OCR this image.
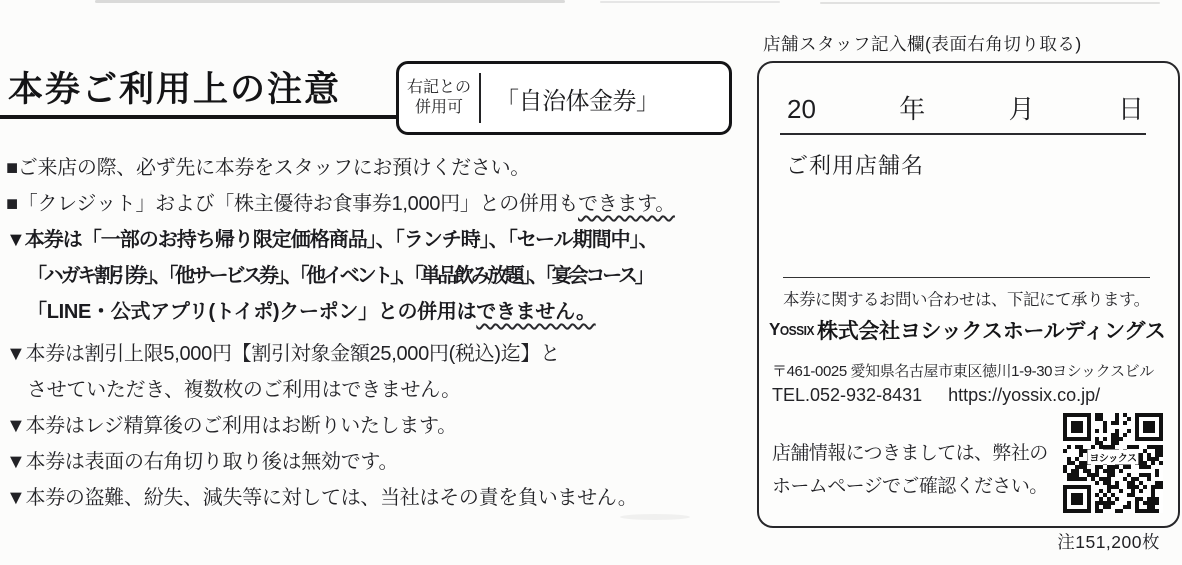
本券ご利用上の注意	右記との
併用可	「自治体金券」
■ご来店の際、必ず先に本券をスタッフにお預けください。
■「クレジット」および「株主優待お食事券1,000円」との併用もできます。
▼本券は「一部のお持ち帰り限定価格商品」、「ランチ時」、「セール期間中」、
「ハガキ割引券」、「他サービス券」、「他イベント」、「単品飲み放題」、「宴会コース」
「LINE・公式アプリ(トイポ)クーポン」との併用はできません。
▼本券は割引上限5,000円【割引対象金額25,000円(税込)迄】と
させていただき、複数枚のご利用はできません。
▼本券はレジ精算後のご利用はお断りいたします。
▼本券は表面の右角切り取り後は無効です。
▼本券の盗難、紛失、減失等に対しては、当社はその責を負いません。
店舗スタッフ記入欄(表面右角切り取る)
20	年	月	日
ご利用店舗名
本券に関するお問い合わせは、下記にて承ります。
Yossix 株式会社ヨシックスホールディングス
〒461-0025 愛知県名古屋市東区徳川1-9-30ヨシックスビル
TEL.052-932-8431 https://yossix.co.jp/
店舗情報につきましては、弊社の
ホームページでご確認ください。
ヨシックス
注151,200枚
